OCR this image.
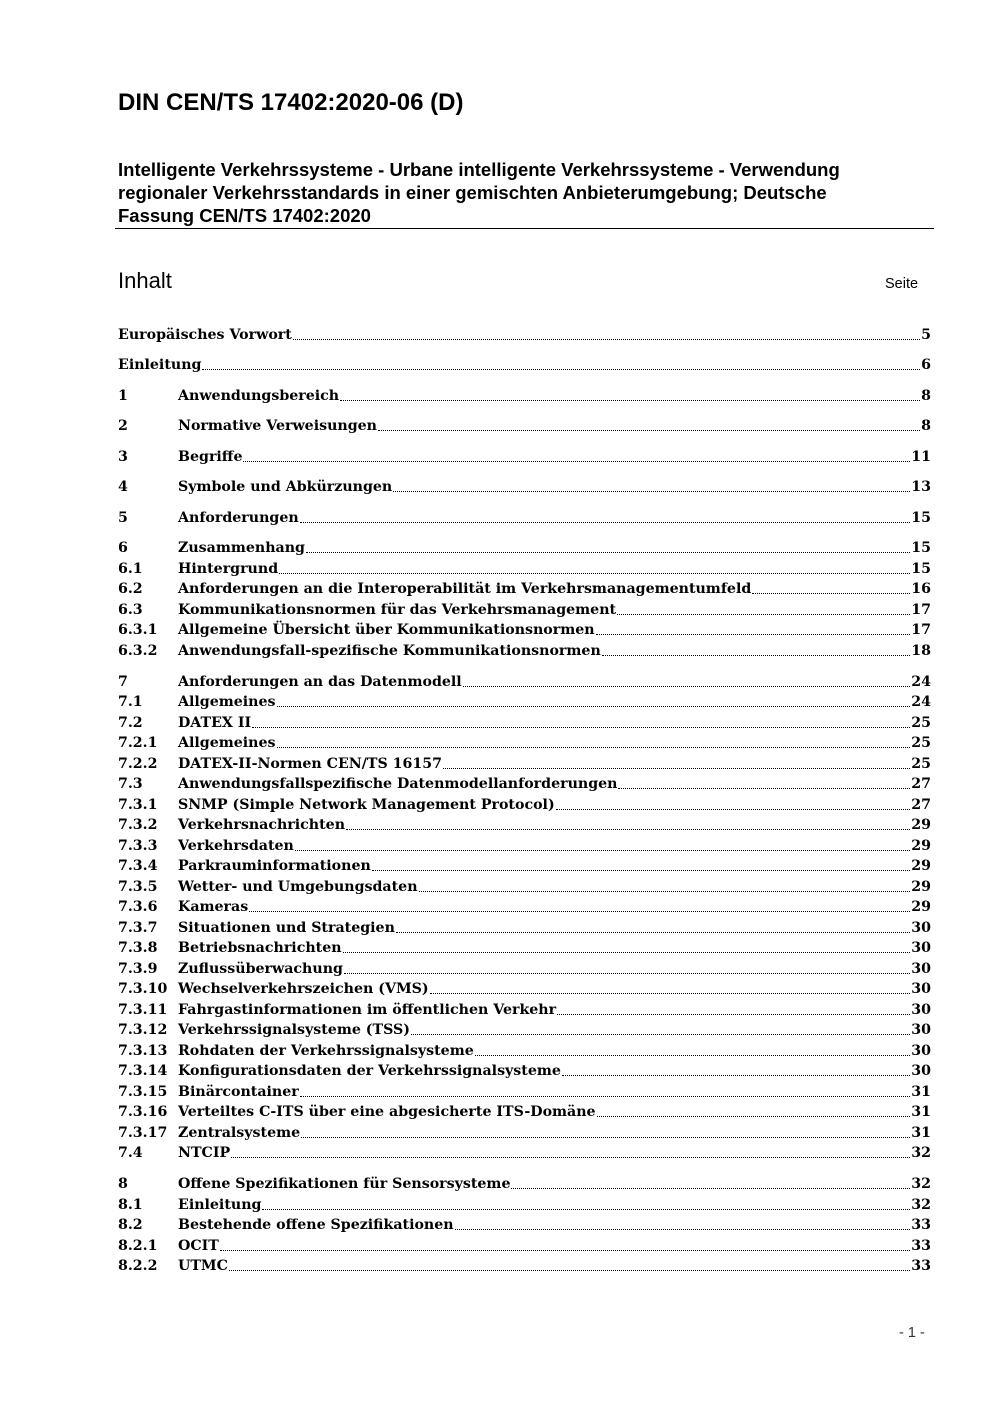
DIN CEN/TS 17402:2020-06 (D)
Intelligente Verkehrssysteme - Urbane intelligente Verkehrssysteme - Verwendung
regionaler Verkehrsstandards in einer gemischten Anbieterumgebung; Deutsche
Fassung CEN/TS 17402:2020
Inhalt	Seite
Europäisches Vorwort	5
Einleitung	6
1	Anwendungsbereich	8
2	Normative Verweisungen	8
3	Begriffe	11
4	Symbole und Abkürzungen	13
5	Anforderungen	15
6	Zusammenhang	15
6.1	Hintergrund	15
6.2	Anforderungen an die Interoperabilität im Verkehrsmanagementumfeld	16
6.3	Kommunikationsnormen für das Verkehrsmanagement	17
6.3.1	Allgemeine Übersicht über Kommunikationsnormen	17
6.3.2	Anwendungsfall-spezifische Kommunikationsnormen	18
7	Anforderungen an das Datenmodell	24
7.1	Allgemeines	24
7.2	DATEX II	25
7.2.1	Allgemeines	25
7.2.2	DATEX-II-Normen CEN/TS 16157	25
7.3	Anwendungsfallspezifische Datenmodellanforderungen	27
7.3.1	SNMP (Simple Network Management Protocol)	27
7.3.2	Verkehrsnachrichten	29
7.3.3	Verkehrsdaten	29
7.3.4	Parkrauminformationen	29
7.3.5	Wetter- und Umgebungsdaten	29
7.3.6	Kameras	29
7.3.7	Situationen und Strategien	30
7.3.8	Betriebsnachrichten	30
7.3.9	Zuflussüberwachung	30
7.3.10 Wechselverkehrszeichen (VMS)	30
7.3.11 Fahrgastinformationen im öffentlichen Verkehr	30
7.3.12 Verkehrssignalsysteme (TSS)	30
7.3.13 Rohdaten der Verkehrssignalsysteme	30
7.3.14 Konfigurationsdaten der Verkehrssignalsysteme	30
7.3.15 Binärcontainer	31
7.3.16 Verteiltes C-ITS über eine abgesicherte ITS-Domäne	31
7.3.17 Zentralsysteme	31
7.4	NTCIP	32
8	Offene Spezifikationen für Sensorsysteme	32
8.1	Einleitung	32
8.2	Bestehende offene Spezifikationen	33
8.2.1	OCIT	33
8.2.2	UTMC	33
- 1 -
